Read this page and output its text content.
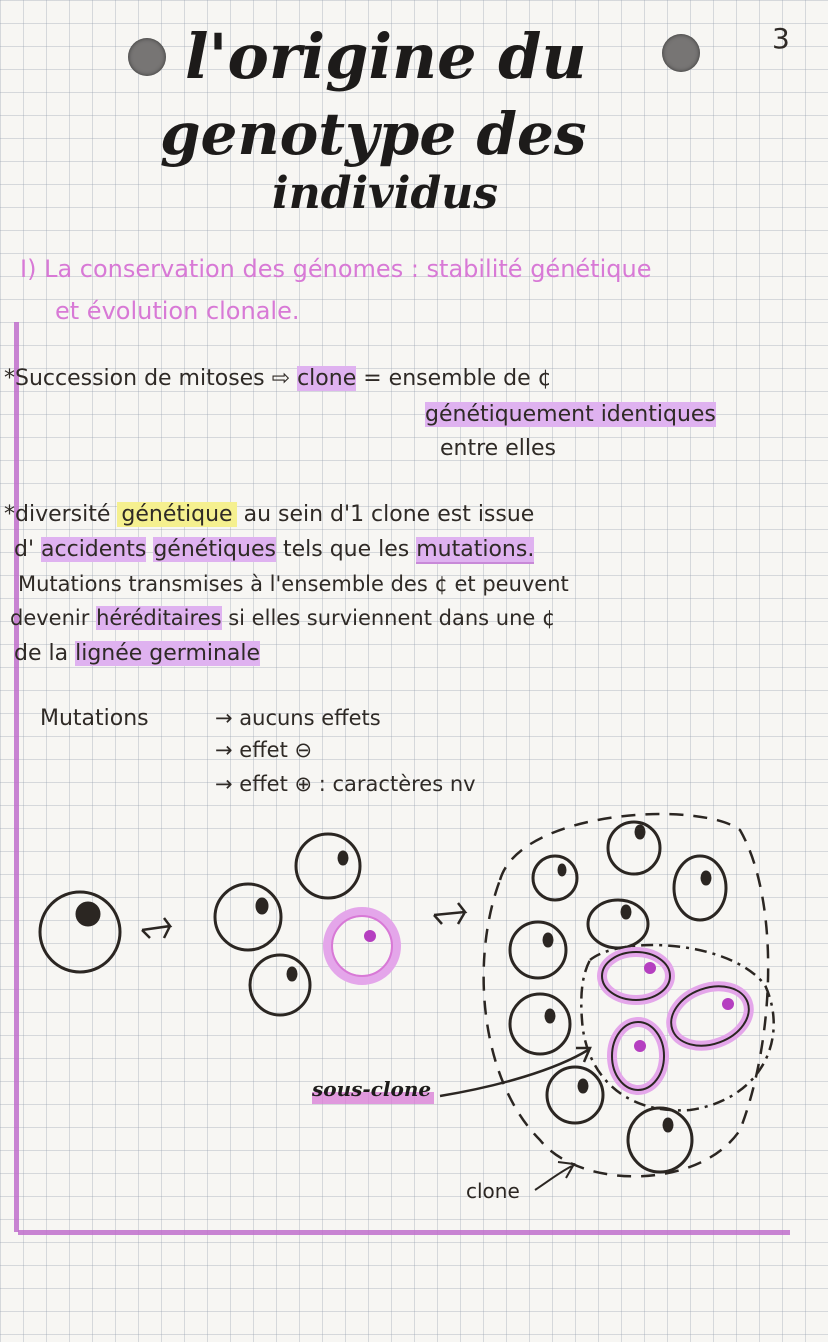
3
l'origine du
genotype des
individus
I) La conservation des génomes : stabilité génétique
et évolution clonale.
*Succession de mitoses ⇨ clone = ensemble de ¢
génétiquement identiques
entre elles
*diversité génétique au sein d'1 clone est issue
d' accidents génétiques tels que les mutations.
Mutations transmises à l'ensemble des ¢ et peuvent
devenir héréditaires si elles surviennent dans une ¢
de la lignée germinale
Mutations	→ aucuns effets
→ effet ⊖
→ effet ⊕ : caractères nv
sous-clone
clone
